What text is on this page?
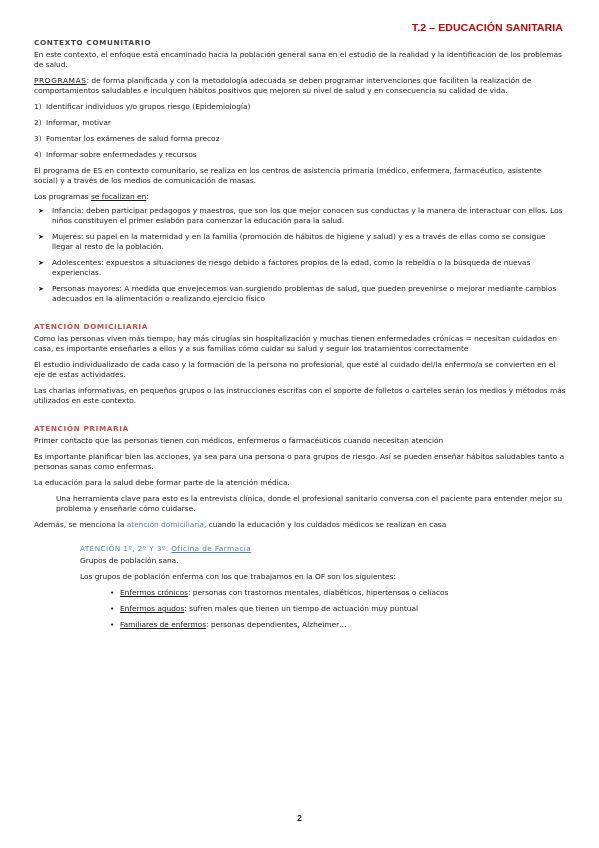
T.2 – EDUCACIÓN SANITARIA
CONTEXTO COMUNITARIO

En este contexto, el enfoque está encaminado hacia la población general sana en el estudio de la realidad y la identificación de los problemas de salud.

PROGRAMAS: de forma planificada y con la metodología adecuada se deben programar intervenciones que faciliten la realización de comportamientos saludables e inculquen hábitos positivos que mejoren su nivel de salud y en consecuencia su calidad de vida.

1) Identificar individuos y/o grupos riesgo (Epidemiología)
2) Informar, motivar
3) Fomentar los exámenes de salud forma precoz
4) Informar sobre enfermedades y recursos

El programa de ES en contexto comunitario, se realiza en los centros de asistencia primaria (médico, enfermera, farmacéutico, asistente social) y a través de los medios de comunicación de masas.

Los programas se focalizan en:

➤	Infancia: deben participar pedagogos y maestros, que son los que mejor conocen sus conductas y la manera de interactuar con ellos. Los niños constituyen el primer eslabón para comenzar la educación para la salud.
➤	Mujeres: su papel en la maternidad y en la familia (promoción de hábitos de higiene y salud) y es a través de ellas como se consigue llegar al resto de la población.
➤	Adolescentes: expuestos a situaciones de riesgo debido a factores propios de la edad, como la rebeldía o la búsqueda de nuevas experiencias.
➤	Personas mayores: A medida que envejecemos van surgiendo problemas de salud, que pueden prevenirse o mejorar mediante cambios adecuados en la alimentación o realizando ejercicio físico
ATENCIÓN DOMICILIARIA

Como las personas viven más tiempo, hay más cirugías sin hospitalización y muchas tienen enfermedades crónicas = necesitan cuidados en casa, es importante enseñarles a ellos y a sus familias cómo cuidar su salud y seguir los tratamientos correctamente

El estudio individualizado de cada caso y la formación de la persona no profesional, que esté al cuidado del/la enfermo/a se convierten en el eje de estas actividades.

Las charlas informativas, en pequeños grupos o las instrucciones escritas con el soporte de folletos o carteles serán los medios y métodos más utilizados en este contexto.

ATENCIÓN PRIMARIA

Primer contacto que las personas tienen con médicos, enfermeros o farmacéuticos cuando necesitan atención

Es importante planificar bien las acciones, ya sea para una persona o para grupos de riesgo. Así se pueden enseñar hábitos saludables tanto a personas sanas como enfermas.

La educación para la salud debe formar parte de la atención médica.

Una herramienta clave para esto es la entrevista clínica, donde el profesional sanitario conversa con el paciente para entender mejor su problema y enseñarle cómo cuidarse.

Además, se menciona la atención domiciliaria, cuando la educación y los cuidados médicos se realizan en casa

ATENCIÓN 1º, 2º Y 3º: Oficina de Farmacia

Grupos de población sana.

Los grupos de población enferma con los que trabajamos en la OF son los siguientes:

• Enfermos crónicos: personas con trastornos mentales, diabéticos, hipertensos o celíacos
• Enfermos agudos: sufren males que tienen un tiempo de actuación muy puntual
• Familiares de enfermos: personas dependientes, Alzheimer…
2
